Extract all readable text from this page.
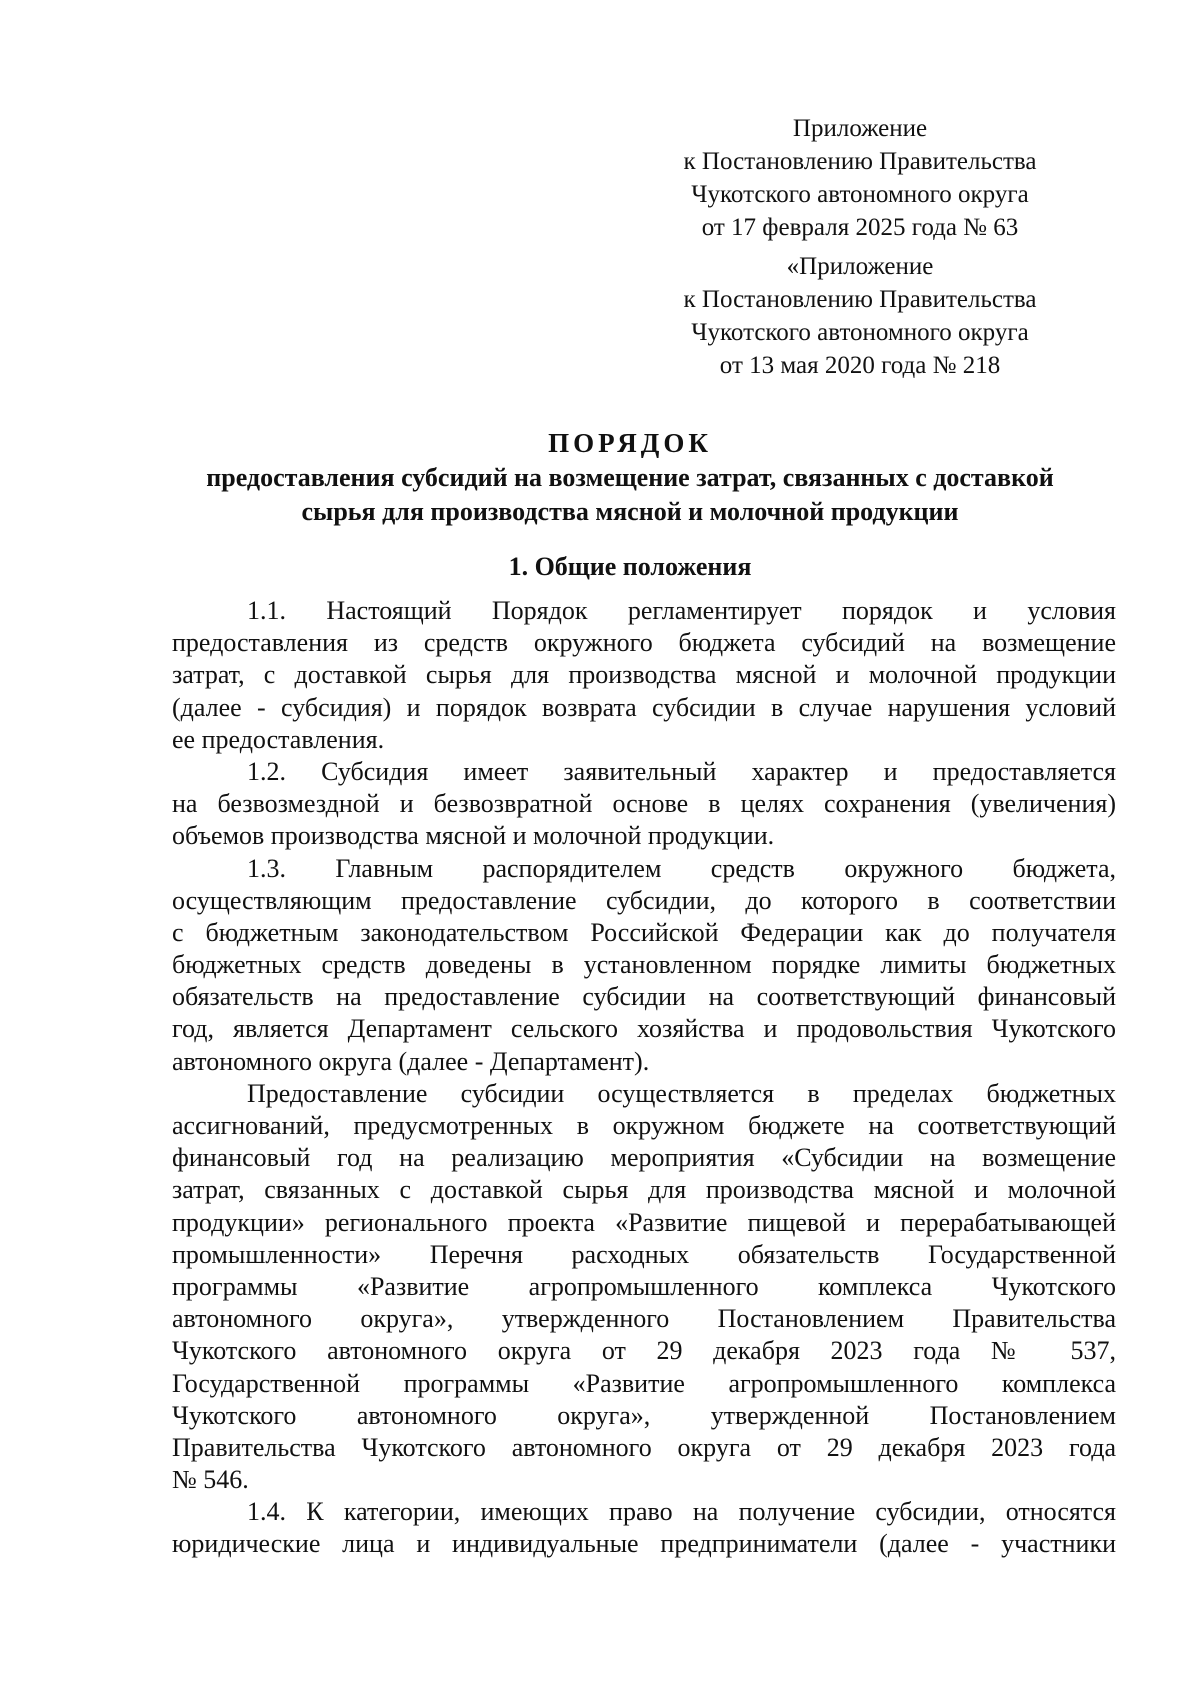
Приложение
к Постановлению Правительства
Чукотского автономного округа
от 17 февраля 2025 года № 63
«Приложение
к Постановлению Правительства
Чукотского автономного округа
от 13 мая 2020 года № 218
ПОРЯДОК
предоставления субсидий на возмещение затрат, связанных с доставкой
сырья для производства мясной и молочной продукции
1. Общие положения
1.1. Настоящий Порядок регламентирует порядок и условия
предоставления из средств окружного бюджета субсидий на возмещение
затрат, с доставкой сырья для производства мясной и молочной продукции
(далее - субсидия) и порядок возврата субсидии в случае нарушения условий
ее предоставления.
1.2. Субсидия имеет заявительный характер и предоставляется
на безвозмездной и безвозвратной основе в целях сохранения (увеличения)
объемов производства мясной и молочной продукции.
1.3. Главным распорядителем средств окружного бюджета,
осуществляющим предоставление субсидии, до которого в соответствии
с бюджетным законодательством Российской Федерации как до получателя
бюджетных средств доведены в установленном порядке лимиты бюджетных
обязательств на предоставление субсидии на соответствующий финансовый
год, является Департамент сельского хозяйства и продовольствия Чукотского
автономного округа (далее - Департамент).
Предоставление субсидии осуществляется в пределах бюджетных
ассигнований, предусмотренных в окружном бюджете на соответствующий
финансовый год на реализацию мероприятия «Субсидии на возмещение
затрат, связанных с доставкой сырья для производства мясной и молочной
продукции» регионального проекта «Развитие пищевой и перерабатывающей
промышленности» Перечня расходных обязательств Государственной
программы «Развитие агропромышленного комплекса Чукотского
автономного округа», утвержденного Постановлением Правительства
Чукотского автономного округа от 29 декабря 2023 года № 537,
Государственной программы «Развитие агропромышленного комплекса
Чукотского автономного округа», утвержденной Постановлением
Правительства Чукотского автономного округа от 29 декабря 2023 года
№ 546.
1.4. К категории, имеющих право на получение субсидии, относятся
юридические лица и индивидуальные предприниматели (далее - участники
